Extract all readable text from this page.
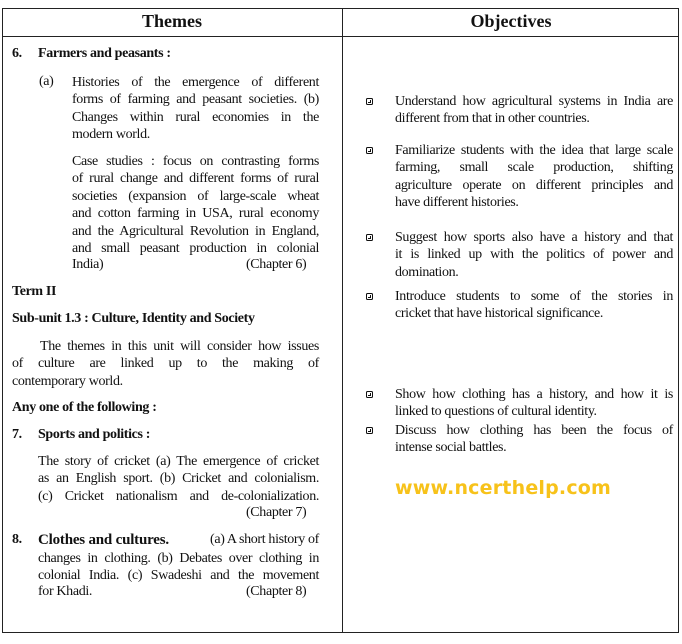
Themes	Objectives
6. Farmers and peasants :
(a) Histories of the emergence of different
forms of farming and peasant societies. (b)
Changes within rural economies in the
modern world.
Case studies : focus on contrasting forms
of rural change and different forms of rural
societies (expansion of large-scale wheat
and cotton farming in USA, rural economy
and the Agricultural Revolution in England,
and small peasant production in colonial
India)	(Chapter 6)
Term II
Sub-unit 1.3 : Culture, Identity and Society
The themes in this unit will consider how issues
of culture are linked up to the making of
contemporary world.
Any one of the following :
7. Sports and politics :
The story of cricket (a) The emergence of cricket
as an English sport. (b) Cricket and colonialism.
(c) Cricket nationalism and de-colonialization.
(Chapter 7)
8. Clothes and cultures.	(a) A short history of
changes in clothing. (b) Debates over clothing in
colonial India. (c) Swadeshi and the movement
for Khadi.	(Chapter 8)
Understand how agricultural systems in India are
different from that in other countries.
Familiarize students with the idea that large scale
farming, small scale production, shifting
agriculture operate on different principles and
have different histories.
Suggest how sports also have a history and that
it is linked up with the politics of power and
domination.
Introduce students to some of the stories in
cricket that have historical significance.
Show how clothing has a history, and how it is
linked to questions of cultural identity.
Discuss how clothing has been the focus of
intense social battles.
www.ncerthelp.com
